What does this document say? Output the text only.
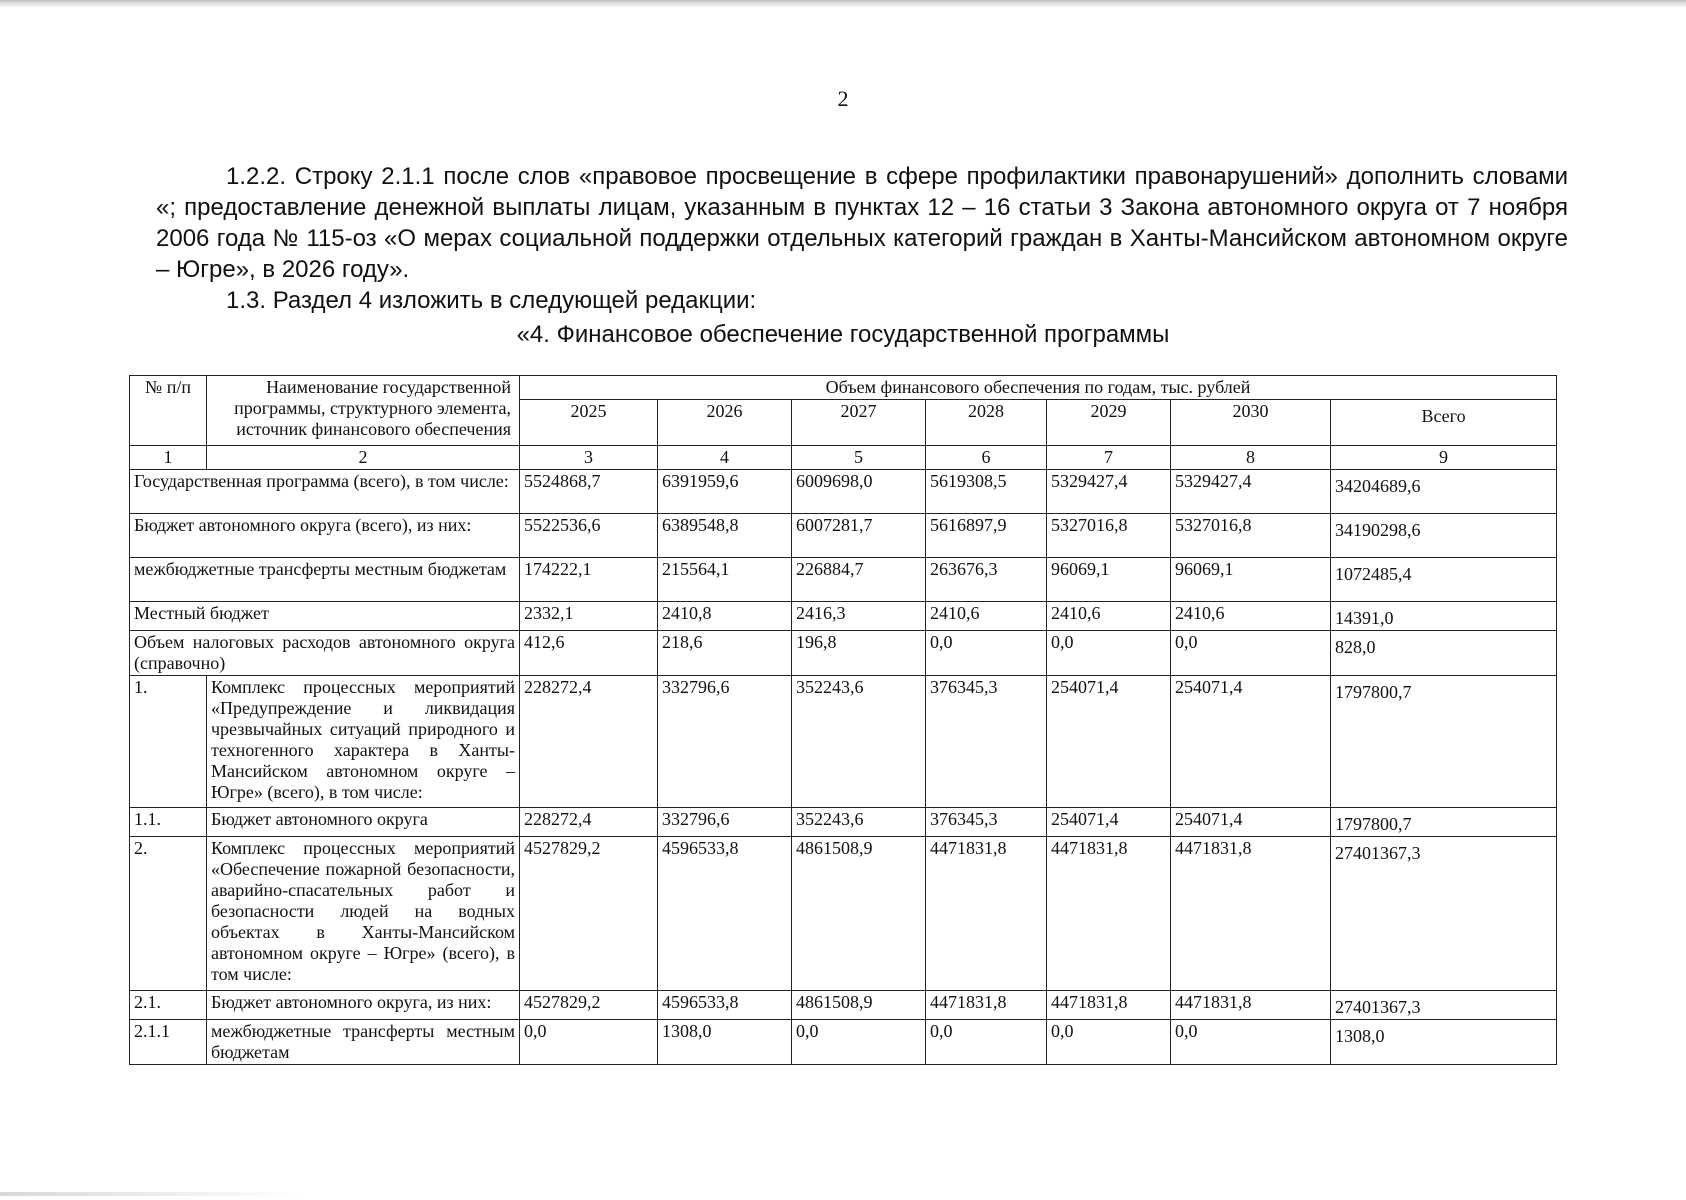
2
1.2.2. Строку 2.1.1 после слов «правовое просвещение в сфере профилактики правонарушений» дополнить словами «; предоставление денежной выплаты лицам, указанным в пунктах 12 – 16 статьи 3 Закона автономного округа от 7 ноября 2006 года № 115-оз «О мерах социальной поддержки отдельных категорий граждан в Ханты-Мансийском автономном округе – Югре», в 2026 году».
1.3. Раздел 4 изложить в следующей редакции:
«4. Финансовое обеспечение государственной программы
№ п/п	Наименование государственной программы, структурного элемента, источник финансового обеспечения	Объем финансового обеспечения по годам, тыс. рублей						
		2025	2026	2027	2028	2029	2030	Всего
1	2	3	4	5	6	7	8	9
Государственная программа (всего), в том числе:		5524868,7	6391959,6	6009698,0	5619308,5	5329427,4	5329427,4	34204689,6
Бюджет автономного округа (всего), из них:		5522536,6	6389548,8	6007281,7	5616897,9	5327016,8	5327016,8	34190298,6
межбюджетные трансферты местным бюджетам		174222,1	215564,1	226884,7	263676,3	96069,1	96069,1	1072485,4
Местный бюджет		2332,1	2410,8	2416,3	2410,6	2410,6	2410,6	14391,0
Объем налоговых расходов автономного округа (справочно)		412,6	218,6	196,8	0,0	0,0	0,0	828,0
1.	Комплекс процессных мероприятий «Предупреждение и ликвидация чрезвычайных ситуаций природного и техногенного характера в Ханты-Мансийском автономном округе – Югре» (всего), в том числе:	228272,4	332796,6	352243,6	376345,3	254071,4	254071,4	1797800,7
1.1.	Бюджет автономного округа	228272,4	332796,6	352243,6	376345,3	254071,4	254071,4	1797800,7
2.	Комплекс процессных мероприятий «Обеспечение пожарной безопасности, аварийно-спасательных работ и безопасности людей на водных объектах в Ханты-Мансийском автономном округе – Югре» (всего), в том числе:	4527829,2	4596533,8	4861508,9	4471831,8	4471831,8	4471831,8	27401367,3
2.1.	Бюджет автономного округа, из них:	4527829,2	4596533,8	4861508,9	4471831,8	4471831,8	4471831,8	27401367,3
2.1.1	межбюджетные трансферты местным бюджетам	0,0	1308,0	0,0	0,0	0,0	0,0	1308,0
